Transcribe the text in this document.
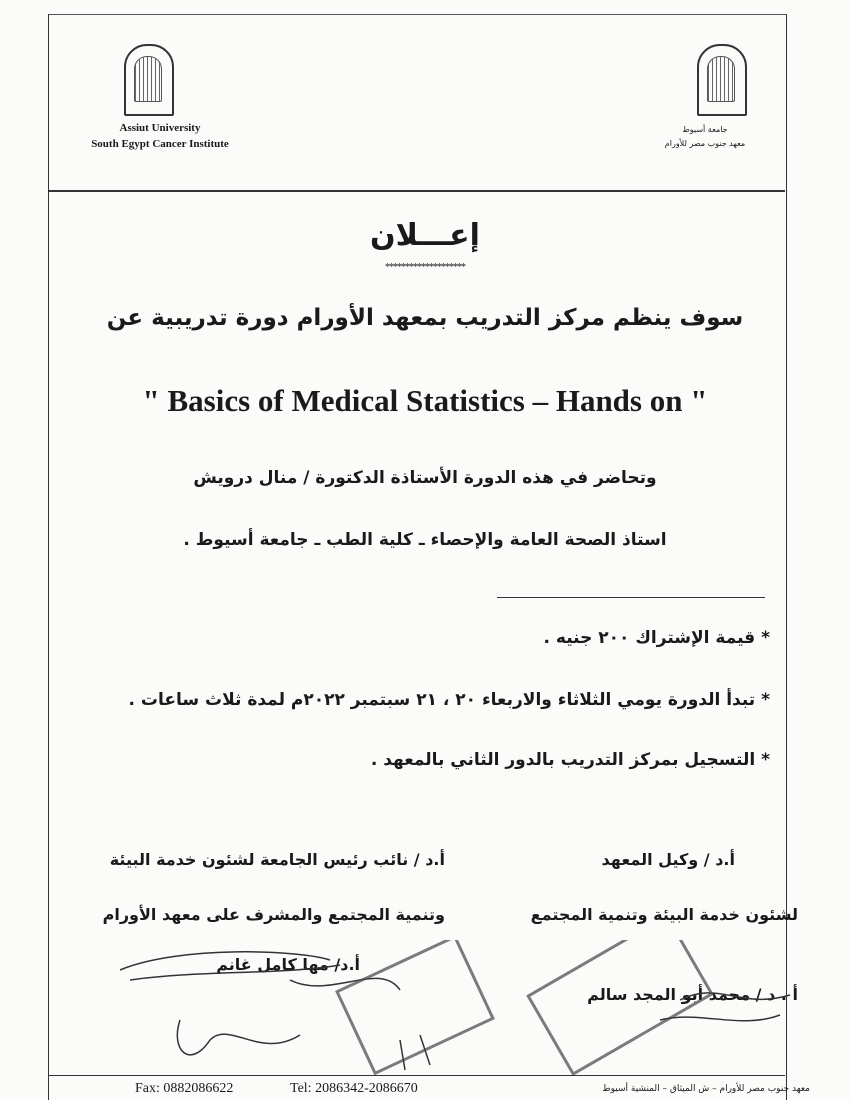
Assiut University
South Egypt Cancer Institute
جامعة أسيوط
معهد جنوب مصر للأورام
إعـــلان
********************
سوف ينظم مركز التدريب بمعهد الأورام دورة تدريبية عن
" Basics of Medical Statistics – Hands on "
وتحاضر في هذه الدورة الأستاذة الدكتورة / منال درويش
استاذ الصحة العامة والإحصاء ـ كلية الطب ـ جامعة أسيوط .
* قيمة الإشتراك ٢٠٠ جنيه .
* تبدأ الدورة يومي الثلاثاء والاربعاء ٢٠ ، ٢١ سبتمبر ٢٠٢٢م لمدة ثلاث ساعات .
* التسجيل بمركز التدريب بالدور الثاني بالمعهد .
أ.د / وكيل المعهد
لشئون خدمة البيئة وتنمية المجتمع
أ . د / محمد أبو المجد سالم
أ.د / نائب رئيس الجامعة لشئون خدمة البيئة
وتنمية المجتمع والمشرف على معهد الأورام
أ.د/ مها كامل غانم
Fax: 0882086622	Tel: 2086342-2086670	معهد جنوب مصر للأورام – ش الميثاق – المنشية أسيوط
